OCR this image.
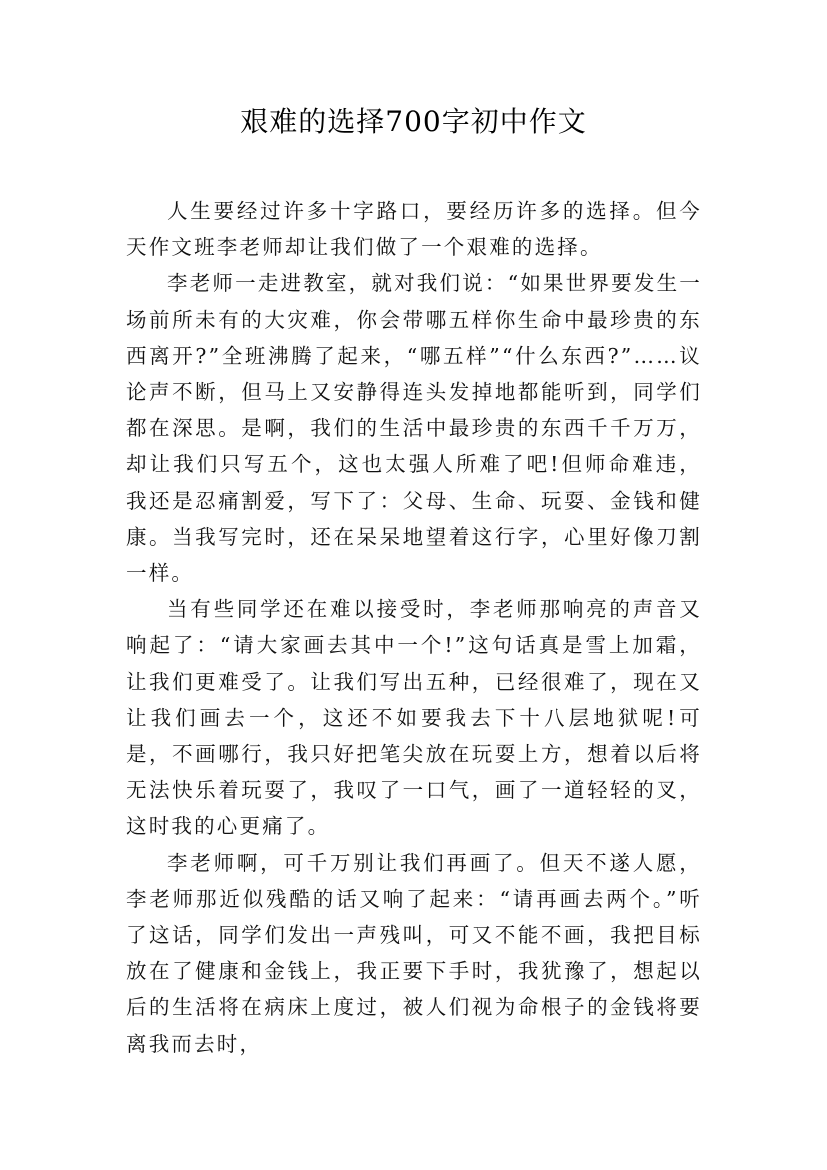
艰难的选择700字初中作文

人生要经过许多十字路口，要经历许多的选择。但今天作文班李老师却让我们做了一个艰难的选择。

李老师一走进教室，就对我们说：“如果世界要发生一场前所未有的大灾难，你会带哪五样你生命中最珍贵的东西离开?”全班沸腾了起来，“哪五样”“什么东西?”……议论声不断，但马上又安静得连头发掉地都能听到，同学们都在深思。是啊，我们的生活中最珍贵的东西千千万万，却让我们只写五个，这也太强人所难了吧!但师命难违，我还是忍痛割爱，写下了：父母、生命、玩耍、金钱和健康。当我写完时，还在呆呆地望着这行字，心里好像刀割一样。

当有些同学还在难以接受时，李老师那响亮的声音又响起了：“请大家画去其中一个!”这句话真是雪上加霜，让我们更难受了。让我们写出五种，已经很难了，现在又让我们画去一个，这还不如要我去下十八层地狱呢!可是，不画哪行，我只好把笔尖放在玩耍上方，想着以后将无法快乐着玩耍了，我叹了一口气，画了一道轻轻的叉，这时我的心更痛了。

李老师啊，可千万别让我们再画了。但天不遂人愿，李老师那近似残酷的话又响了起来：“请再画去两个。”听了这话，同学们发出一声残叫，可又不能不画，我把目标放在了健康和金钱上，我正要下手时，我犹豫了，想起以后的生活将在病床上度过，被人们视为命根子的金钱将要离我而去时，
